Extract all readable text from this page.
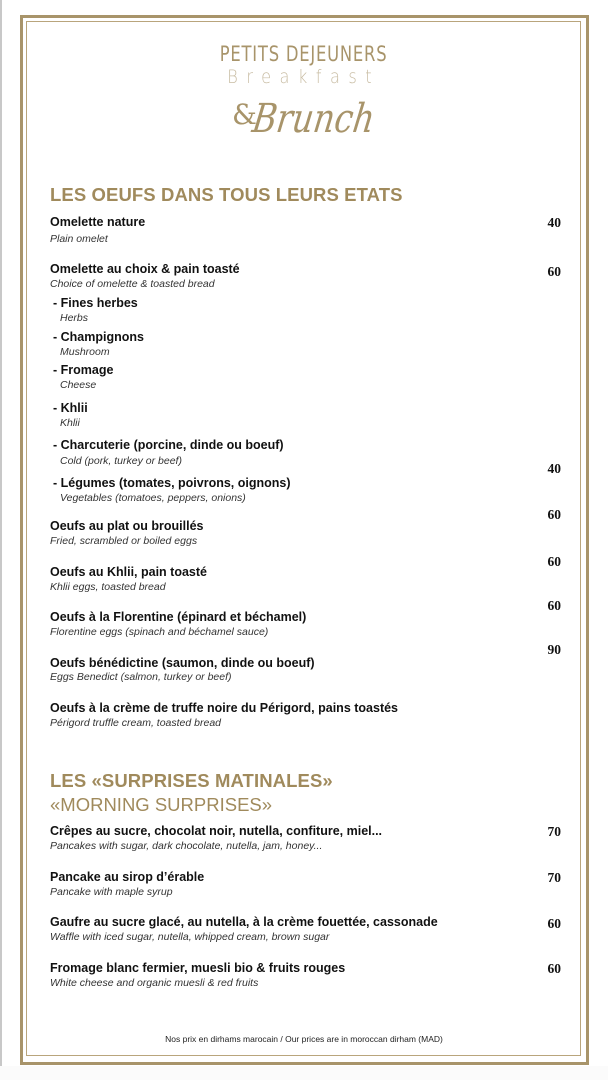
PETITS DEJEUNERS
Breakfast
&
Brunch
LES OEUFS DANS TOUS LEURS ETATS
Omelette nature
Plain omelet
40
Omelette au choix & pain toasté
Choice of omelette & toasted bread
60
- Fines herbes
Herbs
- Champignons
Mushroom
- Fromage
Cheese
- Khlii
Khlii
- Charcuterie (porcine, dinde ou boeuf)
Cold (pork, turkey or beef)
- Légumes (tomates, poivrons, oignons)
Vegetables (tomatoes, peppers, onions)
40
Oeufs au plat ou brouillés
Fried, scrambled or boiled eggs
60
Oeufs au Khlii, pain toasté
Khlii eggs, toasted bread
60
Oeufs à la Florentine (épinard et béchamel)
Florentine eggs (spinach and béchamel sauce)
60
Oeufs bénédictine (saumon, dinde ou boeuf)
Eggs Benedict (salmon, turkey or beef)
90
Oeufs à la crème de truffe noire du Périgord, pains toastés
Périgord truffle cream, toasted bread
LES «SURPRISES MATINALES»
«MORNING SURPRISES»
Crêpes au sucre, chocolat noir, nutella, confiture, miel...
Pancakes with sugar, dark chocolate, nutella, jam, honey...
70
Pancake au sirop d’érable
Pancake with maple syrup
70
Gaufre au sucre glacé, au nutella, à la crème fouettée, cassonade
Waffle with iced sugar, nutella, whipped cream, brown sugar
60
Fromage blanc fermier, muesli bio & fruits rouges
White cheese and organic muesli & red fruits
60
Nos prix en dirhams marocain / Our prices are in moroccan dirham (MAD)
